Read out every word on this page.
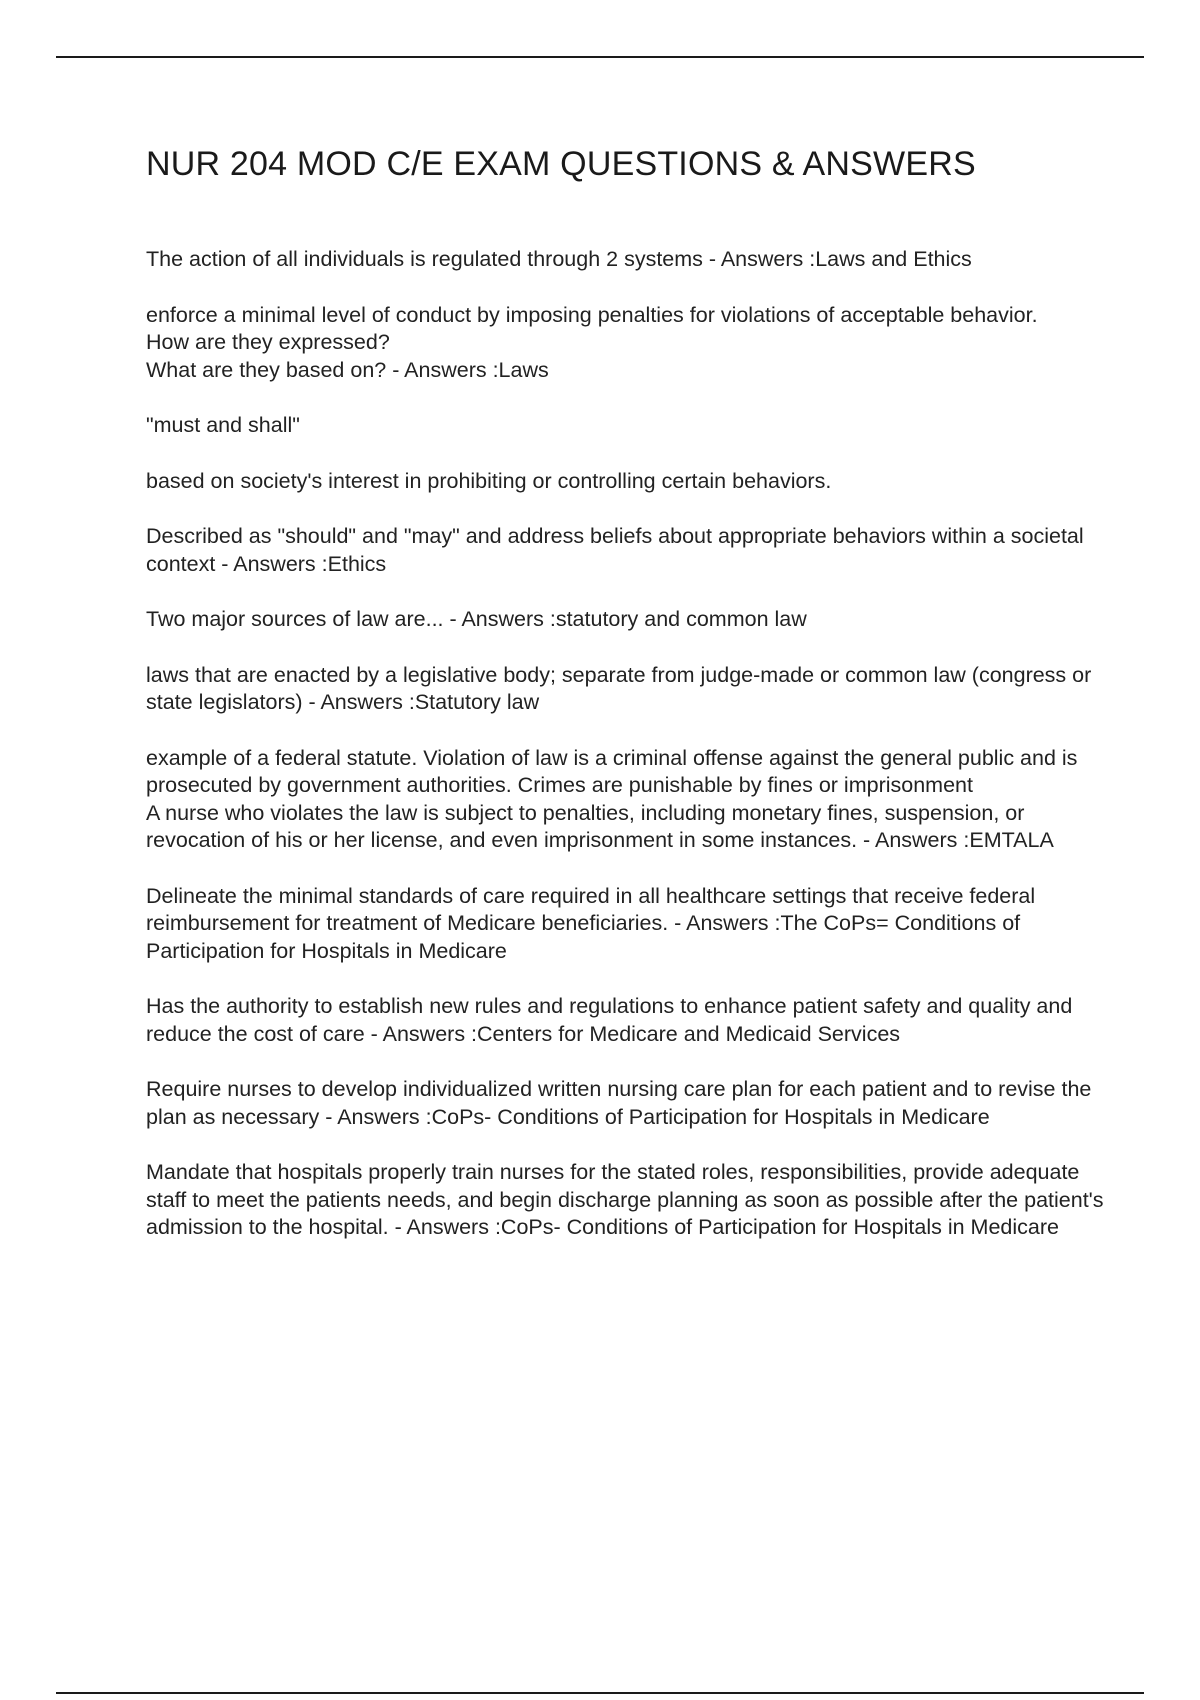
NUR 204 MOD C/E EXAM QUESTIONS & ANSWERS

The action of all individuals is regulated through 2 systems - Answers :Laws and Ethics

enforce a minimal level of conduct by imposing penalties for violations of acceptable behavior.
How are they expressed?
What are they based on? - Answers :Laws

"must and shall"

based on society's interest in prohibiting or controlling certain behaviors.

Described as "should" and "may" and address beliefs about appropriate behaviors within a societal context - Answers :Ethics

Two major sources of law are... - Answers :statutory and common law

laws that are enacted by a legislative body; separate from judge-made or common law (congress or state legislators) - Answers :Statutory law

example of a federal statute. Violation of law is a criminal offense against the general public and is prosecuted by government authorities. Crimes are punishable by fines or imprisonment
A nurse who violates the law is subject to penalties, including monetary fines, suspension, or revocation of his or her license, and even imprisonment in some instances. - Answers :EMTALA

Delineate the minimal standards of care required in all healthcare settings that receive federal reimbursement for treatment of Medicare beneficiaries. - Answers :The CoPs= Conditions of Participation for Hospitals in Medicare

Has the authority to establish new rules and regulations to enhance patient safety and quality and reduce the cost of care - Answers :Centers for Medicare and Medicaid Services

Require nurses to develop individualized written nursing care plan for each patient and to revise the plan as necessary - Answers :CoPs- Conditions of Participation for Hospitals in Medicare

Mandate that hospitals properly train nurses for the stated roles, responsibilities, provide adequate staff to meet the patients needs, and begin discharge planning as soon as possible after the patient's admission to the hospital. - Answers :CoPs- Conditions of Participation for Hospitals in Medicare
